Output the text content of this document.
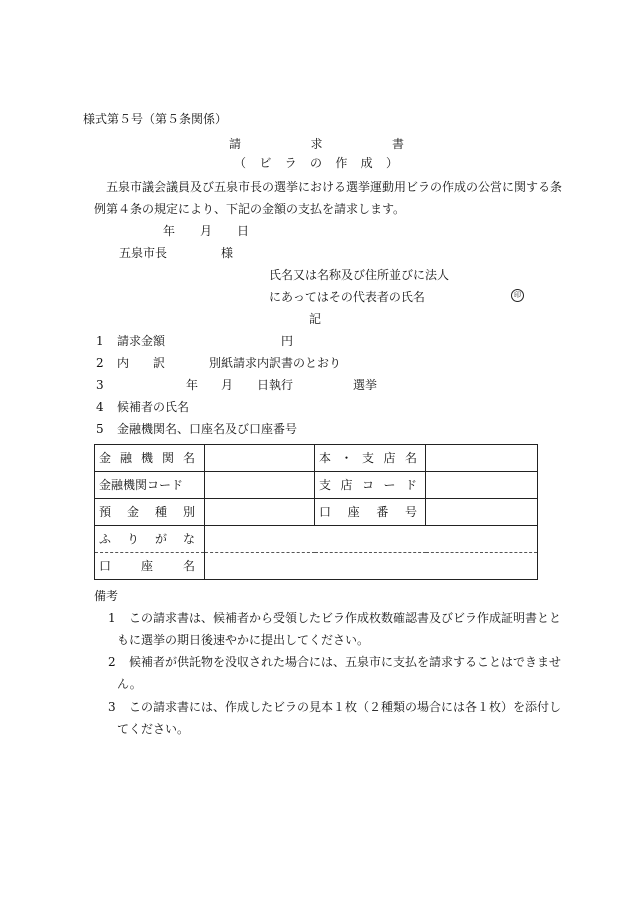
様式第５号（第５条関係）
請	求	書
（ ビ ラ の 作 成 ）
五泉市議会議員及び五泉市長の選挙における選挙運動用ビラの作成の公営に関する条
例第４条の規定により、下記の金額の支払を請求します。
年 月 日
五泉市長	様
氏名又は名称及び住所並びに法人
にあってはその代表者の氏名	印
記
1 請求金額	円
2 内　　訳	別紙請求内訳書のとおり
3	年 月 日執行	選挙
4 候補者の氏名
5 金融機関名、口座名及び口座番号
金 融 機 関 名		本 ・ 支 店 名	

金融機関コード		支 店 コ ー ド	

預 金 種 別		口 座 番 号	

ふ り が な			

口 座 名			

備考
1 この請求書は、候補者から受領したビラ作成枚数確認書及びビラ作成証明書とと
もに選挙の期日後速やかに提出してください。
2 候補者が供託物を没収された場合には、五泉市に支払を請求することはできませ
ん。
3 この請求書には、作成したビラの見本１枚（２種類の場合には各１枚）を添付し
てください。
